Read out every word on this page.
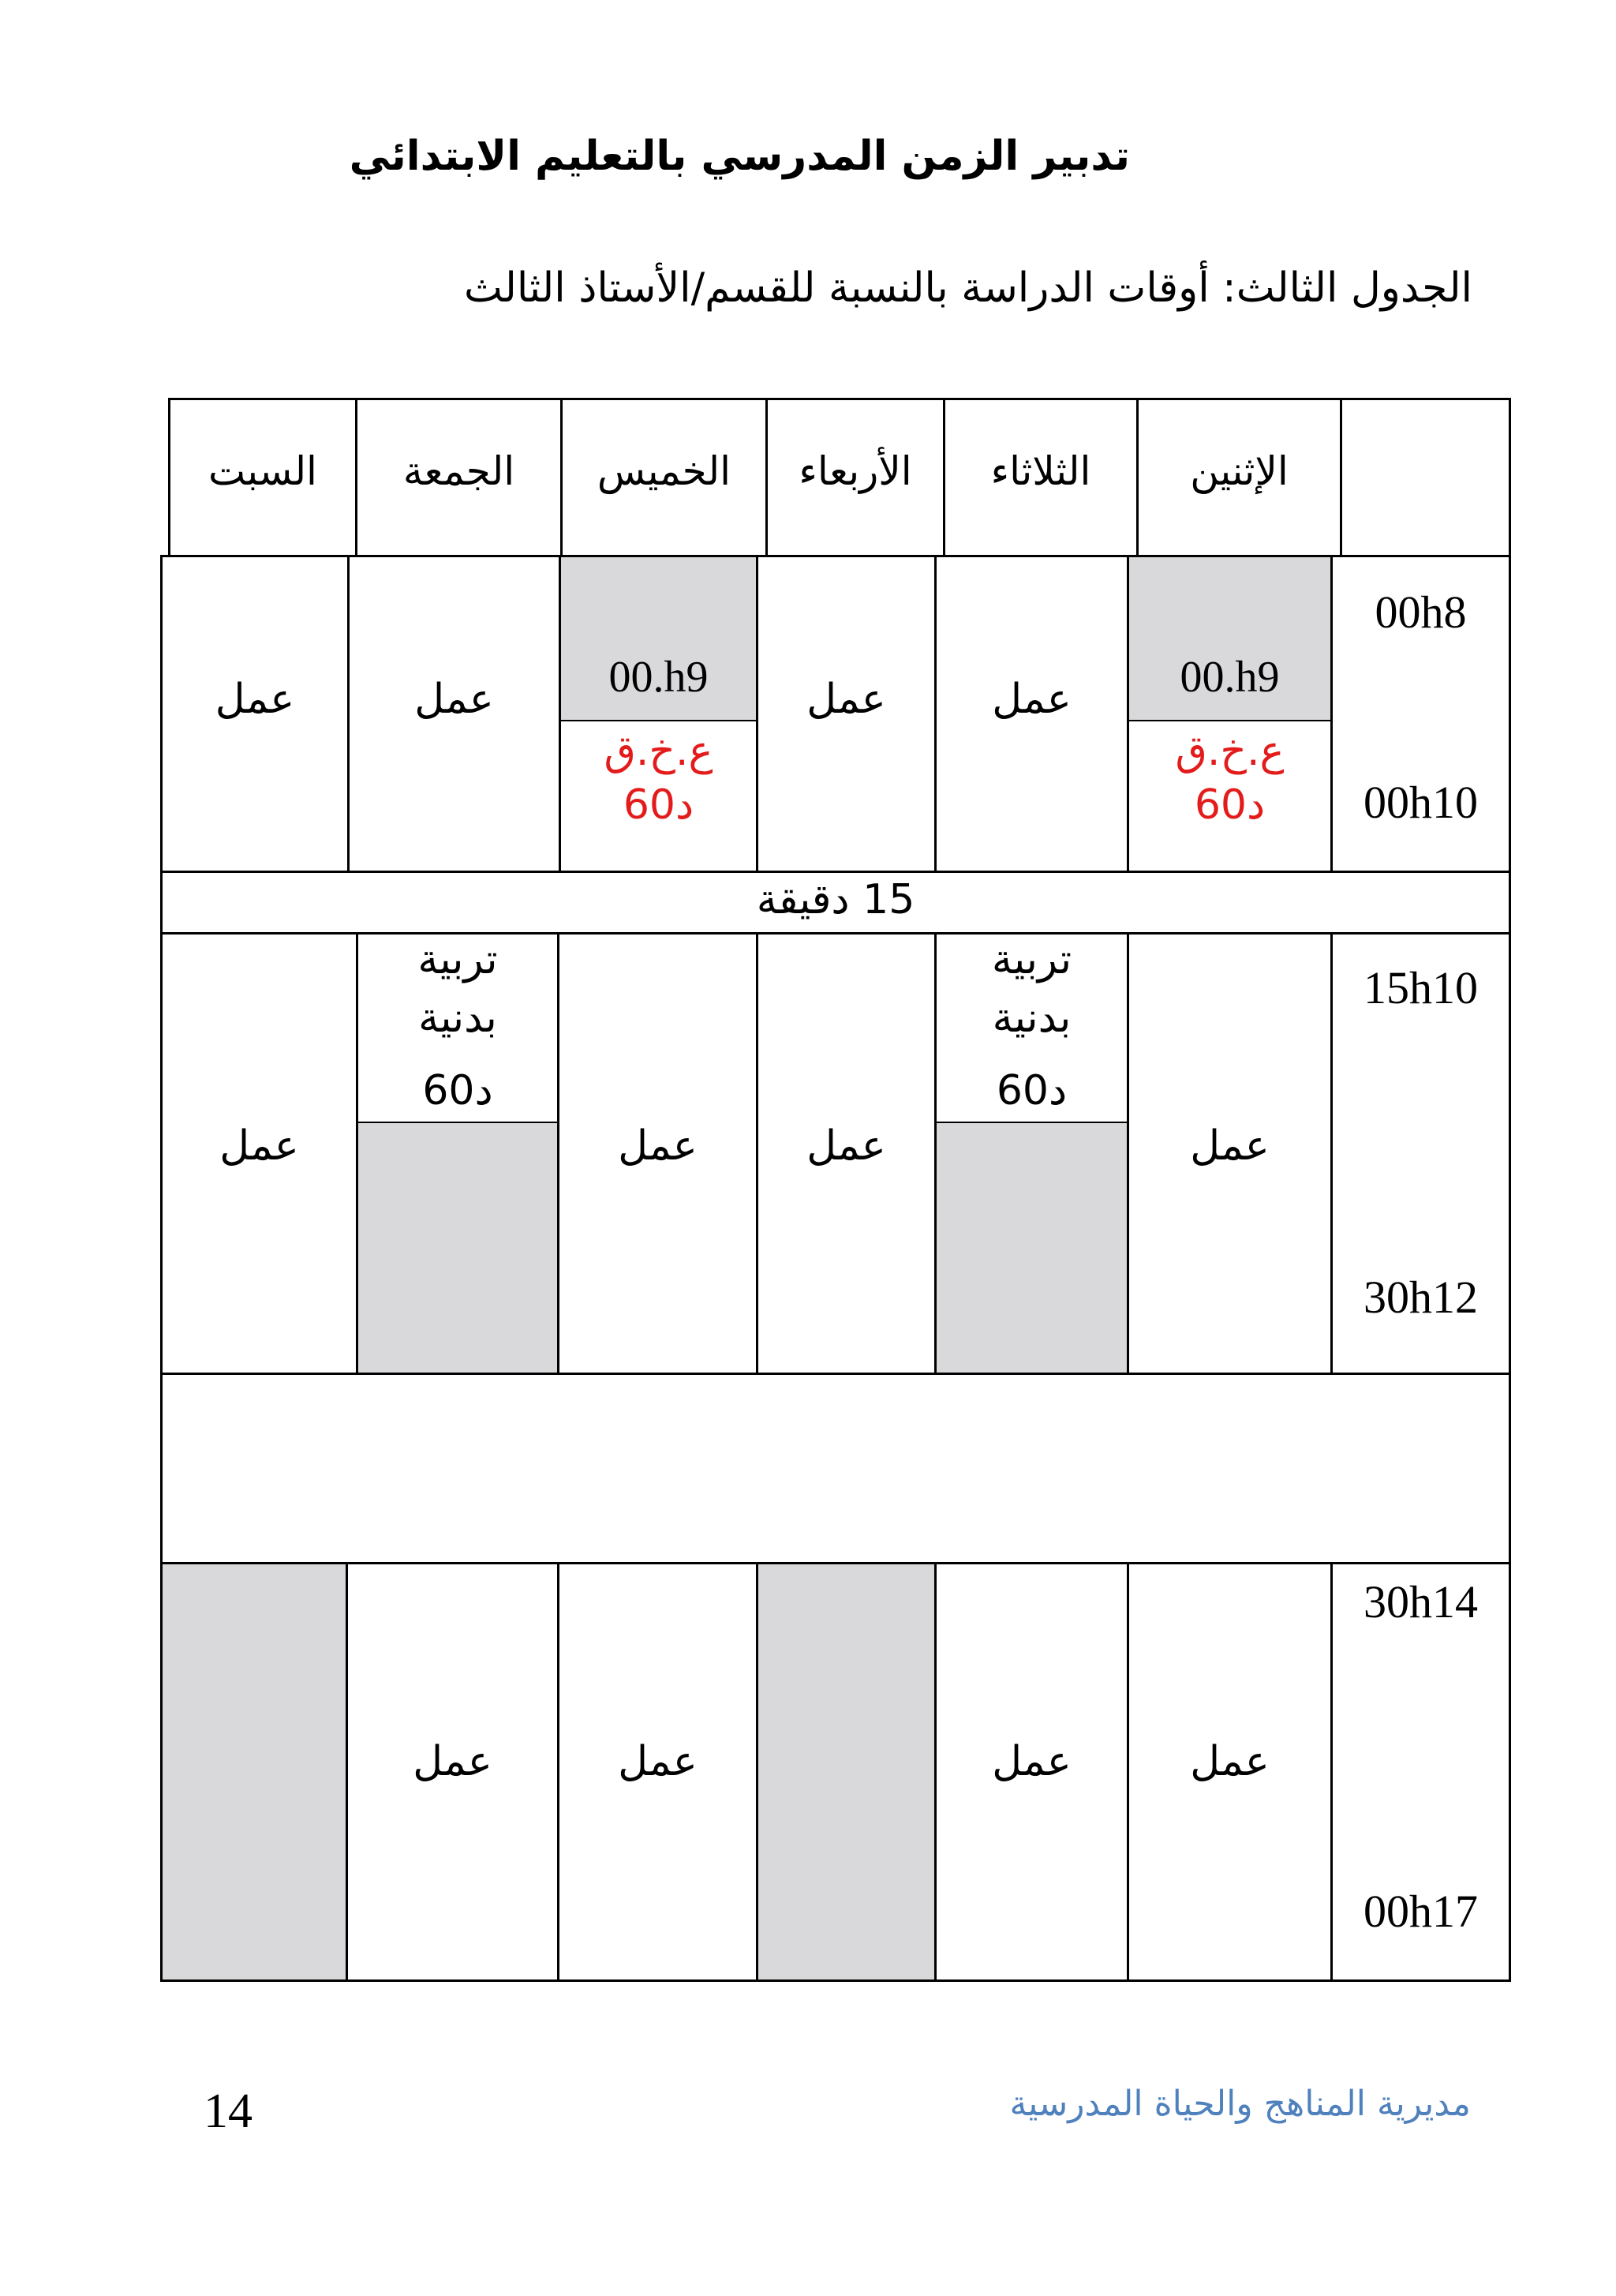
تدبير الزمن المدرسي بالتعليم الابتدائي
الجدول الثالث: أوقات الدراسة بالنسبة للقسم/الأستاذ الثالث
الإثنين
الثلاثاء
الأربعاء
الخميس
الجمعة
السبت
00h8
00h10
15h10
30h12
30h14
00h17
00.h9
ع.خ.ق
60د
عمل
عمل
00.h9
ع.خ.ق
60د
عمل
عمل
15 دقيقة
عمل
تربية
بدنية
60د
عمل
عمل
تربية
بدنية
60د
عمل
عمل
عمل
عمل
عمل
14	مديرية المناهج والحياة المدرسية
